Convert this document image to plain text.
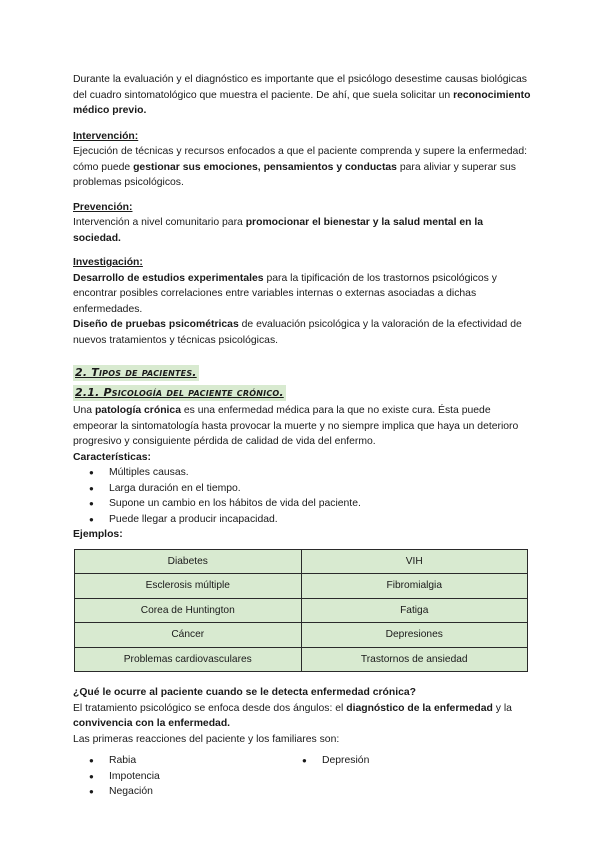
Durante la evaluación y el diagnóstico es importante que el psicólogo desestime causas biológicas del cuadro sintomatológico que muestra el paciente. De ahí, que suela solicitar un reconocimiento médico previo.

Intervención:

Ejecución de técnicas y recursos enfocados a que el paciente comprenda y supere la enfermedad: cómo puede gestionar sus emociones, pensamientos y conductas para aliviar y superar sus problemas psicológicos.

Prevención:

Intervención a nivel comunitario para promocionar el bienestar y la salud mental en la sociedad.

Investigación:

Desarrollo de estudios experimentales para la tipificación de los trastornos psicológicos y encontrar posibles correlaciones entre variables internas o externas asociadas a dichas enfermedades.

Diseño de pruebas psicométricas de evaluación psicológica y la valoración de la efectividad de nuevos tratamientos y técnicas psicológicas.

2. Tipos de pacientes.
2.1. Psicología del paciente crónico.

Una patología crónica es una enfermedad médica para la que no existe cura. Ésta puede empeorar la sintomatología hasta provocar la muerte y no siempre implica que haya un deterioro progresivo y consiguiente pérdida de calidad de vida del enfermo.

Características:

● Múltiples causas.
● Larga duración en el tiempo.
● Supone un cambio en los hábitos de vida del paciente.
● Puede llegar a producir incapacidad.

Ejemplos:

Diabetes	VIH
Esclerosis múltiple	Fibromialgia
Corea de Huntington	Fatiga
Cáncer	Depresiones
Problemas cardiovasculares	Trastornos de ansiedad

¿Qué le ocurre al paciente cuando se le detecta enfermedad crónica?

El tratamiento psicológico se enfoca desde dos ángulos: el diagnóstico de la enfermedad y la convivencia con la enfermedad.

Las primeras reacciones del paciente y los familiares son:

● Rabia
● Impotencia
● Negación
● Depresión
